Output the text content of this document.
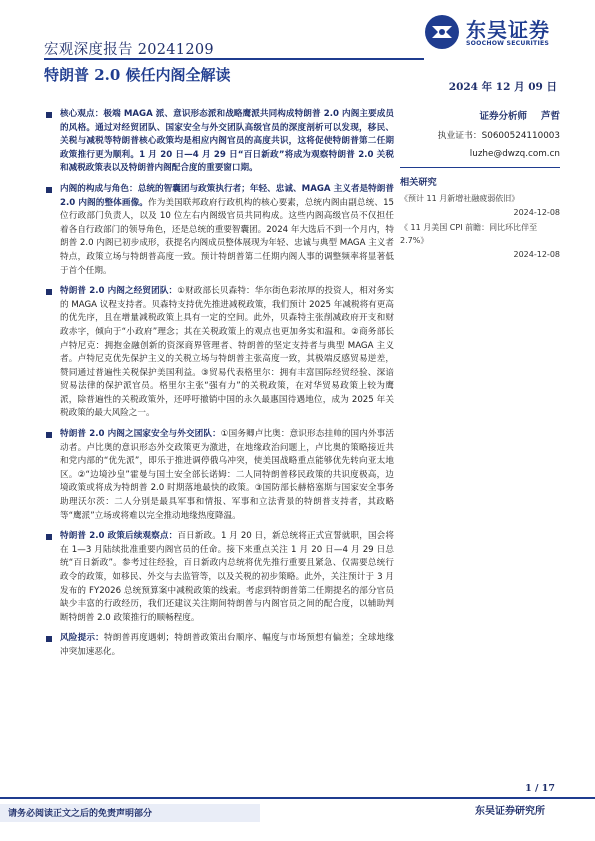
宏观深度报告 20241209
特朗普 2.0 候任内阁全解读
东吴证券
SOOCHOW SECURITIES
2024 年 12 月 09 日
核心观点：极端 MAGA 派、意识形态派和战略鹰派共同构成特朗普 2.0 内阁主要成员的风格。通过对经贸团队、国家安全与外交团队高级官员的深度剖析可以发现，移民、关税与减税等特朗普核心政策均是相应内阁官员的高度共识，这将促使特朗普第二任期政策推行更为顺利。1 月 20 日—4 月 29 日“百日新政”将成为观察特朗普 2.0 关税和减税政策表以及特朗普内阁配合度的重要窗口期。
内阁的构成与角色：总统的智囊团与政策执行者；年轻、忠诚、MAGA 主义者是特朗普 2.0 内阁的整体画像。作为美国联邦政府行政机构的核心要素，总统内阁由副总统、15 位行政部门负责人，以及 10 位左右内阁级官员共同构成。这些内阁高级官员不仅担任着各自行政部门的领导角色，还是总统的重要智囊团。2024 年大选后不到一个月内，特朗普 2.0 内阁已初步成形，获提名内阁成员整体展现为年轻、忠诚与典型 MAGA 主义者特点，政策立场与特朗普高度一致。预计特朗普第二任期内阁人事的调整频率将显著低于首个任期。
特朗普 2.0 内阁之经贸团队：①财政部长贝森特：华尔街色彩浓厚的投资人，相对务实的 MAGA 议程支持者。贝森特支持优先推进减税政策，我们预计 2025 年减税将有更高的优先序，且在增量减税政策上具有一定的空间。此外，贝森特主张削减政府开支和财政赤字，倾向于“小政府”理念；其在关税政策上的观点也更加务实和温和。②商务部长卢特尼克：拥抱金融创新的资深商界管理者、特朗普的坚定支持者与典型 MAGA 主义者。卢特尼克优先保护主义的关税立场与特朗普主张高度一致，其极端反感贸易逆差，赞同通过普遍性关税保护美国利益。③贸易代表格里尔：拥有丰富国际经贸经验、深谙贸易法律的保护派官员。格里尔主张“强有力”的关税政策，在对华贸易政策上较为鹰派，除普遍性的关税政策外，还呼吁撤销中国的永久最惠国待遇地位，成为 2025 年关税政策的最大风险之一。
特朗普 2.0 内阁之国家安全与外交团队：①国务卿卢比奥：意识形态挂帅的国内外事活动者。卢比奥的意识形态外交政策更为激进，在地缘政治问题上，卢比奥的策略接近共和党内部的“优先派”，即乐于推进调停俄乌冲突，使美国战略重点能够优先转向亚太地区。②“边境沙皇”霍曼与国土安全部长诺姆：二人同特朗普移民政策的共识度极高，边境政策或将成为特朗普 2.0 时期落地最快的政策。③国防部长赫格塞斯与国家安全事务助理沃尔茨：二人分别是最具军事和情报、军事和立法背景的特朗普支持者，其政略等“鹰派”立场或将难以完全推动地缘热度降温。
特朗普 2.0 政策后续观察点：百日新政。1 月 20 日，新总统将正式宣誓就职，国会将在 1—3 月陆续批准重要内阁官员的任命。接下来重点关注 1 月 20 日—4 月 29 日总统“百日新政”。参考过往经验，百日新政内总统将优先推行重要且紧急、仅需要总统行政令的政策，如移民、外交与去监管等，以及关税的初步策略。此外，关注预计于 3 月发布的 FY2026 总统预算案中减税政策的线索。考虑到特朗普第二任期提名的部分官员缺少丰富的行政经历，我们还建议关注期间特朗普与内阁官员之间的配合度，以辅助判断特朗普 2.0 政策推行的顺畅程度。
风险提示：特朗普再度遇刺；特朗普政策出台顺序、幅度与市场预想有偏差；全球地缘冲突加速恶化。
证券分析师 芦哲
执业证书：S0600524110003
luzhe@dwzq.com.cn
相关研究
《预计 11 月新增社融疲弱依旧》
2024-12-08
《 11 月美国 CPI 前瞻：同比环比伴至 2.7%》
2024-12-08
1 / 17
请务必阅读正文之后的免责声明部分	东吴证券研究所
